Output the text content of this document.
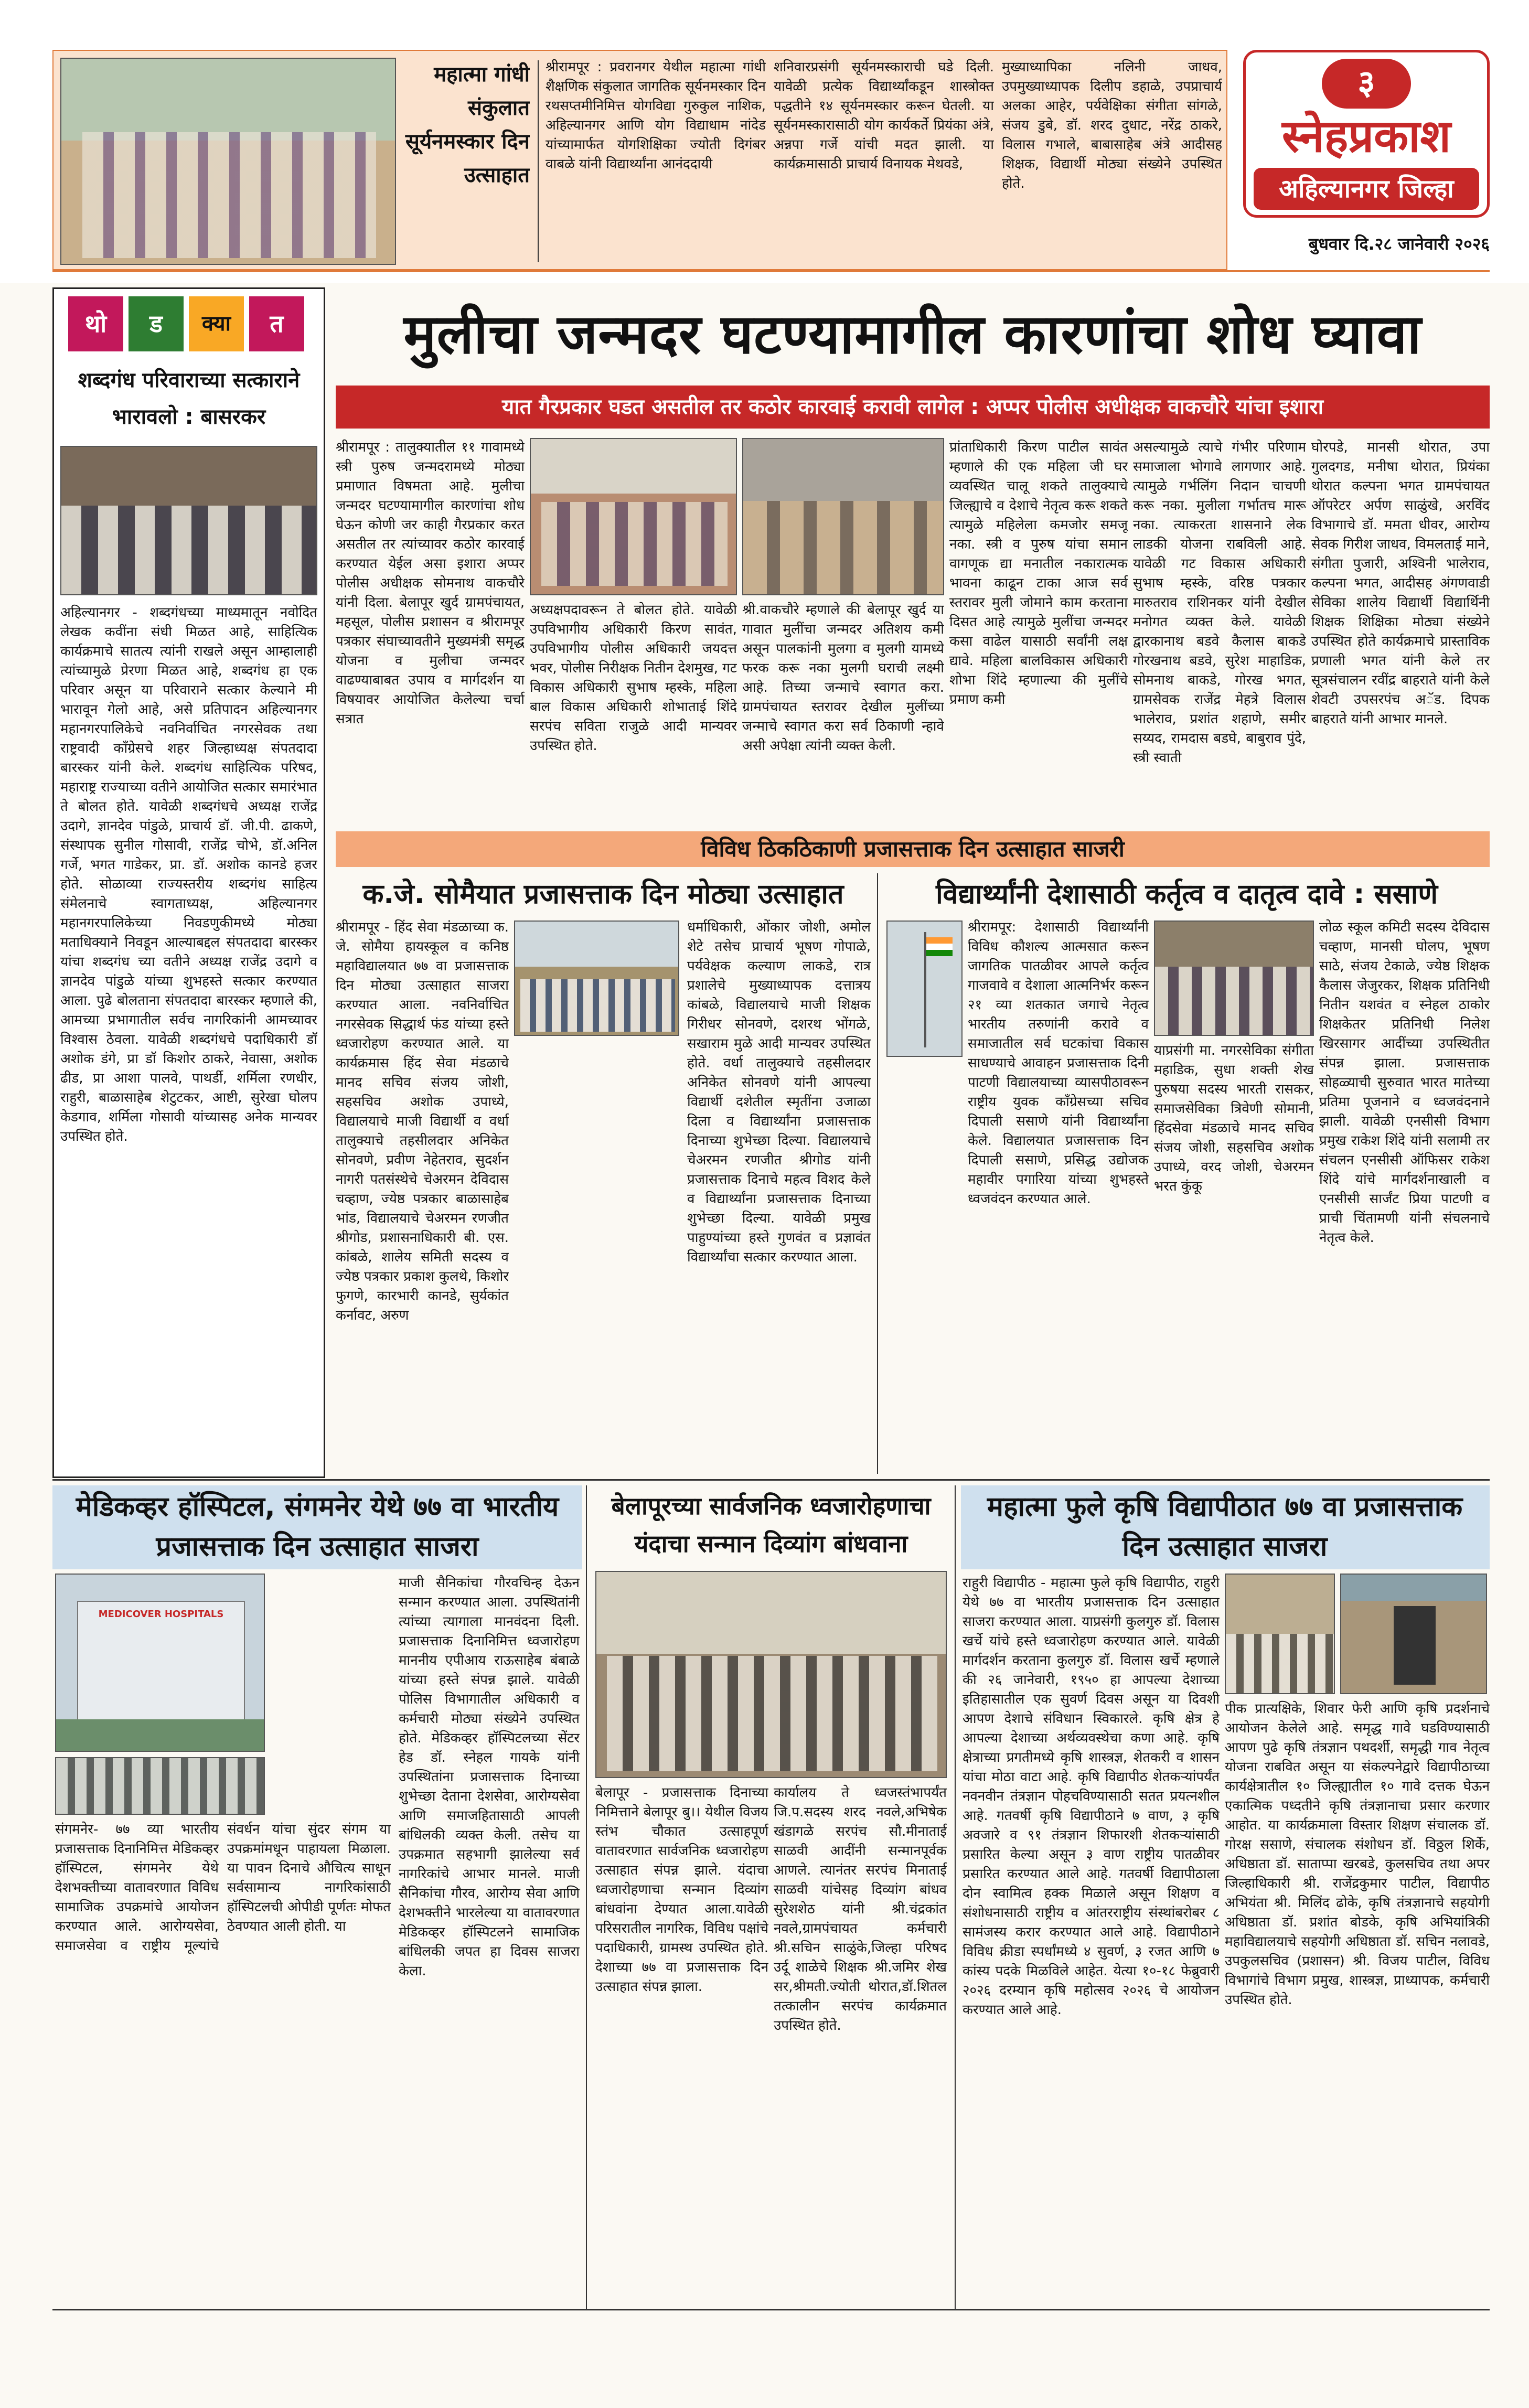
महात्मा गांधी संकुलात सूर्यनमस्कार दिन उत्साहात
श्रीरामपूर : प्रवरानगर येथील महात्मा गांधी शैक्षणिक संकुलात जागतिक सूर्यनमस्कार दिन रथसप्तमीनिमित्त योगविद्या गुरुकुल नाशिक, अहिल्यानगर आणि योग विद्याधाम नांदेड यांच्यामार्फत योगशिक्षिका ज्योती दिगंबर वाबळे यांनी विद्यार्थ्यांना आनंददायी
शनिवारप्रसंगी सूर्यनमस्काराची घडे दिली. यावेळी प्रत्येक विद्यार्थ्यांकडून शास्त्रोक्त पद्धतीने १४ सूर्यनमस्कार करून घेतली. या सूर्यनमस्कारासाठी योग कार्यकर्ते प्रियंका अंत्रे, अन्नपा गर्जे यांची मदत झाली. या कार्यक्रमासाठी प्राचार्य विनायक मेथवडे,
मुख्याध्यापिका नलिनी जाधव, उपमुख्याध्यापक दिलीप डहाळे, उपप्राचार्य अलका आहेर, पर्यवेक्षिका संगीता सांगळे, संजय डुबे, डॉ. शरद दुधाट, नरेंद्र ठाकरे, विलास गभाले, बाबासाहेब अंत्रे आदीसह शिक्षक, विद्यार्थी मोठ्या संख्येने उपस्थित होते.
३
स्नेहप्रकाश
अहिल्यानगर जिल्हा
बुधवार दि.२८ जानेवारी २०२६
थो	ड	क्या	त
शब्दगंध परिवाराच्या सत्काराने भारावलो : बासरकर
अहिल्यानगर - शब्दगंधच्या माध्यमातून नवोदित लेखक कवींना संधी मिळत आहे, साहित्यिक कार्यक्रमाचे सातत्य त्यांनी राखले असून आम्हालाही त्यांच्यामुळे प्रेरणा मिळत आहे, शब्दगंध हा एक परिवार असून या परिवाराने सत्कार केल्याने मी भारावून गेलो आहे, असे प्रतिपादन अहिल्यानगर महानगरपालिकेचे नवनिर्वाचित नगरसेवक तथा राष्ट्रवादी काँग्रेसचे शहर जिल्हाध्यक्ष संपतदादा बारस्कर यांनी केले. शब्दगंध साहित्यिक परिषद, महाराष्ट्र राज्याच्या वतीने आयोजित सत्कार समारंभात ते बोलत होते. यावेळी शब्दगंधचे अध्यक्ष राजेंद्र उदागे, ज्ञानदेव पांडुळे, प्राचार्य डॉ. जी.पी. ढाकणे, संस्थापक सुनील गोसावी, राजेंद्र चोभे, डॉ.अनिल गर्जे, भगत गाडेकर, प्रा. डॉ. अशोक कानडे हजर होते. सोळाव्या राज्यस्तरीय शब्दगंध साहित्य संमेलनाचे स्वागताध्यक्ष, अहिल्यानगर महानगरपालिकेच्या निवडणुकीमध्ये मोठ्या मताधिक्याने निवडून आल्याबद्दल संपतदादा बारस्कर यांचा शब्दगंध च्या वतीने अध्यक्ष राजेंद्र उदागे व ज्ञानदेव पांडुळे यांच्या शुभहस्ते सत्कार करण्यात आला. पुढे बोलताना संपतदादा बारस्कर म्हणाले की, आमच्या प्रभागातील सर्वच नागरिकांनी आमच्यावर विश्वास ठेवला. यावेळी शब्दगंधचे पदाधिकारी डॉ अशोक डंगे, प्रा डॉ किशोर ठाकरे, नेवासा, अशोक ढीड, प्रा आशा पालवे, पाथर्डी, शर्मिला रणधीर, राहुरी, बाळासाहेब शेटुटकर, आष्टी, सुरेखा घोलप केडगाव, शर्मिला गोसावी यांच्यासह अनेक मान्यवर उपस्थित होते.
मुलीचा जन्मदर घटण्यामागील कारणांचा शोध घ्यावा
यात गैरप्रकार घडत असतील तर कठोर कारवाई करावी लागेल : अप्पर पोलीस अधीक्षक वाकचौरे यांचा इशारा
श्रीरामपूर : तालुक्यातील ११ गावामध्ये स्त्री पुरुष जन्मदरामध्ये मोठ्या प्रमाणात विषमता आहे. मुलीचा जन्मदर घटण्यामागील कारणांचा शोध घेऊन कोणी जर काही गैरप्रकार करत असतील तर त्यांच्यावर कठोर कारवाई करण्यात येईल असा इशारा अप्पर पोलीस अधीक्षक सोमनाथ वाकचौरे यांनी दिला. बेलापूर खुर्द ग्रामपंचायत, महसूल, पोलीस प्रशासन व श्रीरामपूर पत्रकार संघाच्यावतीने मुख्यमंत्री समृद्ध योजना व मुलीचा जन्मदर वाढण्याबाबत उपाय व मार्गदर्शन या विषयावर आयोजित केलेल्या चर्चा सत्रात
अध्यक्षपदावरून ते बोलत होते. यावेळी उपविभागीय अधिकारी किरण सावंत, उपविभागीय पोलीस अधिकारी जयदत्त भवर, पोलीस निरीक्षक नितीन देशमुख, गट विकास अधिकारी सुभाष म्हस्के, महिला बाल विकास अधिकारी शोभाताई शिंदे सरपंच सविता राजुळे आदी मान्यवर उपस्थित होते.
श्री.वाकचौरे म्हणाले की बेलापूर खुर्द या गावात मुलींचा जन्मदर अतिशय कमी असून पालकांनी मुलगा व मुलगी यामध्ये फरक करू नका मुलगी घराची लक्ष्मी आहे. तिच्या जन्माचे स्वागत करा. ग्रामपंचायत स्तरावर देखील मुलींच्या जन्माचे स्वागत करा सर्व ठिकाणी न्हावे असी अपेक्षा त्यांनी व्यक्त केली.
प्रांताधिकारी किरण पाटील सावंत म्हणाले की एक महिला जी घर व्यवस्थित चालू शकते तालुक्याचे जिल्ह्याचे व देशाचे नेतृत्व करू शकते त्यामुळे महिलेला कमजोर समजू नका. स्त्री व पुरुष यांचा समान वागणूक द्या मनातील नकारात्मक भावना काढून टाका आज सर्व स्तरावर मुली जोमाने काम करताना दिसत आहे त्यामुळे मुलींचा जन्मदर कसा वाढेल यासाठी सर्वांनी लक्ष द्यावे. महिला बालविकास अधिकारी शोभा शिंदे म्हणाल्या की मुलींचे प्रमाण कमी
असल्यामुळे त्याचे गंभीर परिणाम समाजाला भोगावे लागणार आहे. त्यामुळे गर्भलिंग निदान चाचणी करू नका. मुलीला गर्भातच मारू नका. त्याकरता शासनाने लेक लाडकी योजना राबविली आहे. यावेळी गट विकास अधिकारी सुभाष म्हस्के, वरिष्ठ पत्रकार मारुतराव राशिनकर यांनी देखील मनोगत व्यक्त केले. यावेळी द्वारकानाथ बडवे कैलास बाकडे गोरखनाथ बडवे, सुरेश माहाडिक, सोमनाथ बाकडे, गोरख भगत, ग्रामसेवक राजेंद्र मेहत्रे विलास भालेराव, प्रशांत शहाणे, समीर सय्यद, रामदास बडघे, बाबुराव पुंदे, स्त्री स्वाती
घोरपडे, मानसी थोरात, उपा गुलदगड, मनीषा थोरात, प्रियंका थोरात कल्पना भगत ग्रामपंचायत ऑपरेटर अर्पण साळुंखे, अरविंद विभागाचे डॉ. ममता धीवर, आरोग्य सेवक गिरीश जाधव, विमलताई माने, संगीता पुजारी, अश्विनी भालेराव, कल्पना भगत, आदीसह अंगणवाडी सेविका शालेय विद्यार्थी विद्यार्थिनी शिक्षक शिक्षिका मोठ्या संख्येने उपस्थित होते कार्यक्रमाचे प्रास्ताविक प्रणाली भगत यांनी केले तर सूत्रसंचालन रवींद्र बाहराते यांनी केले शेवटी उपसरपंच अॅड. दिपक बाहराते यांनी आभार मानले.
विविध ठिकठिकाणी प्रजासत्ताक दिन उत्साहात साजरी
क.जे. सोमैयात प्रजासत्ताक दिन मोठ्या उत्साहात
श्रीरामपूर - हिंद सेवा मंडळाच्या क. जे. सोमैया हायस्कूल व कनिष्ठ महाविद्यालयात ७७ वा प्रजासत्ताक दिन मोठ्या उत्साहात साजरा करण्यात आला. नवनिर्वाचित नगरसेवक सिद्धार्थ फंड यांच्या हस्ते ध्वजारोहण करण्यात आले. या कार्यक्रमास हिंद सेवा मंडळाचे मानद सचिव संजय जोशी, सहसचिव अशोक उपाध्ये, विद्यालयाचे माजी विद्यार्थी व वर्धा तालुक्याचे तहसीलदार अनिकेत सोनवणे, प्रवीण नेहेतराव, सुदर्शन नागरी पतसंस्थेचे चेअरमन देविदास चव्हाण, ज्येष्ठ पत्रकार बाळासाहेब भांड, विद्यालयाचे चेअरमन रणजीत श्रीगोड, प्रशासनाधिकारी बी. एस. कांबळे, शालेय समिती सदस्य व ज्येष्ठ पत्रकार प्रकाश कुलथे, किशोर फुगणे, कारभारी कानडे, सुर्यकांत कर्नावट, अरुण
धर्माधिकारी, ओंकार जोशी, अमोल शेटे तसेच प्राचार्य भूषण गोपाळे, पर्यवेक्षक कल्याण लाकडे, रात्र प्रशालेचे मुख्याध्यापक दत्तात्रय कांबळे, विद्यालयाचे माजी शिक्षक गिरीधर सोनवणे, दशरथ भोंगळे, सखाराम मुळे आदी मान्यवर उपस्थित होते. वर्धा तालुक्याचे तहसीलदार अनिकेत सोनवणे यांनी आपल्या विद्यार्थी दशेतील स्मृतींना उजाळा दिला व विद्यार्थ्यांना प्रजासत्ताक दिनाच्या शुभेच्छा दिल्या. विद्यालयाचे चेअरमन रणजीत श्रीगोड यांनी प्रजासत्ताक दिनाचे महत्व विशद केले व विद्यार्थ्यांना प्रजासत्ताक दिनाच्या शुभेच्छा दिल्या. यावेळी प्रमुख पाहुण्यांच्या हस्ते गुणवंत व प्रज्ञावंत विद्यार्थ्यांचा सत्कार करण्यात आला.
विद्यार्थ्यांनी देशासाठी कर्तृत्व व दातृत्व दावे : ससाणे
श्रीरामपूर: देशासाठी विद्यार्थ्यांनी विविध कौशल्य आत्मसात करून जागतिक पातळीवर आपले कर्तृत्व गाजवावे व देशाला आत्मनिर्भर करून २१ व्या शतकात जगाचे नेतृत्व भारतीय तरुणांनी करावे व समाजातील सर्व घटकांचा विकास साधण्याचे आवाहन प्रजासत्ताक दिनी पाटणी विद्यालयाच्या व्यासपीठावरून राष्ट्रीय युवक कॉंग्रेसच्या सचिव दिपाली ससाणे यांनी विद्यार्थ्यांना केले. विद्यालयात प्रजासत्ताक दिन दिपाली ससाणे, प्रसिद्ध उद्योजक महावीर पगारिया यांच्या शुभहस्ते ध्वजवंदन करण्यात आले.
याप्रसंगी मा. नगरसेविका संगीता महाडिक, सुधा शक्ती शेख पुरुषया सदस्य भारती रासकर, समाजसेविका त्रिवेणी सोमानी, हिंदसेवा मंडळाचे मानद सचिव संजय जोशी, सहसचिव अशोक उपाध्ये, वरद जोशी, चेअरमन भरत कुंकू
लोळ स्कूल कमिटी सदस्य देविदास चव्हाण, मानसी घोलप, भूषण साठे, संजय टेकाळे, ज्येष्ठ शिक्षक कैलास जेजुरकर, शिक्षक प्रतिनिधी नितीन यशवंत व स्नेहल ठाकोर शिक्षकेतर प्रतिनिधी निलेश खिरसागर आदींच्या उपस्थितीत संपन्न झाला. प्रजासत्ताक सोहळ्याची सुरुवात भारत मातेच्या प्रतिमा पूजनाने व ध्वजवंदनाने झाली. यावेळी एनसीसी विभाग प्रमुख राकेश शिंदे यांनी सलामी तर संचलन एनसीसी ऑफिसर राकेश शिंदे यांचे मार्गदर्शनाखाली व एनसीसी सार्जंट प्रिया पाटणी व प्राची चिंतामणी यांनी संचलनाचे नेतृत्व केले.
मेडिकव्हर हॉस्पिटल, संगमनेर येथे ७७ वा भारतीय प्रजासत्ताक दिन उत्साहात साजरा
MEDICOVER HOSPITALS
संगमनेर- ७७ व्या भारतीय प्रजासत्ताक दिनानिमित्त मेडिकव्हर हॉस्पिटल, संगमनेर येथे देशभक्तीच्या वातावरणात विविध सामाजिक उपक्रमांचे आयोजन करण्यात आले. आरोग्यसेवा, समाजसेवा व राष्ट्रीय मूल्यांचे संवर्धन यांचा सुंदर संगम या उपक्रमांमधून पाहायला मिळाला. या पावन दिनाचे औचित्य साधून सर्वसामान्य नागरिकांसाठी हॉस्पिटलची ओपीडी पूर्णतः मोफत ठेवण्यात आली होती. या
माजी सैनिकांचा गौरवचिन्ह देऊन सन्मान करण्यात आला. उपस्थितांनी त्यांच्या त्यागाला मानवंदना दिली. प्रजासत्ताक दिनानिमित्त ध्वजारोहण माननीय एपीआय राऊसाहेब बंबाळे यांच्या हस्ते संपन्न झाले. यावेळी पोलिस विभागातील अधिकारी व कर्मचारी मोठ्या संख्येने उपस्थित होते. मेडिकव्हर हॉस्पिटलच्या सेंटर हेड डॉ. स्नेहल गायके यांनी उपस्थितांना प्रजासत्ताक दिनाच्या शुभेच्छा देताना देशसेवा, आरोग्यसेवा आणि समाजहितासाठी आपली बांधिलकी व्यक्त केली. तसेच या उपक्रमात सहभागी झालेल्या सर्व नागरिकांचे आभार मानले. माजी सैनिकांचा गौरव, आरोग्य सेवा आणि देशभक्तीने भारलेल्या या वातावरणात मेडिकव्हर हॉस्पिटलने सामाजिक बांधिलकी जपत हा दिवस साजरा केला.
बेलापूरच्या सार्वजनिक ध्वजारोहणाचा यंदाचा सन्मान दिव्यांग बांधवाना
बेलापूर - प्रजासत्ताक दिनाच्या निमित्ताने बेलापूर बु।। येथील विजय स्तंभ चौकात उत्साहपूर्ण वातावरणात सार्वजनिक ध्वजारोहण उत्साहात संपन्न झाले. यंदाचा ध्वजारोहणाचा सन्मान दिव्यांग बांधवांना देण्यात आला.यावेळी परिसरातील नागरिक, विविध पक्षांचे पदाधिकारी, ग्रामस्थ उपस्थित होते. देशाच्या ७७ वा प्रजासत्ताक दिन उत्साहात संपन्न झाला.
कार्यालय ते ध्वजस्तंभापर्यंत जि.प.सदस्य शरद नवले,अभिषेक खंडागळे सरपंच सौ.मीनाताई साळवी आदींनी सन्मानपूर्वक आणले. त्यानंतर सरपंच मिनाताई साळवी यांचेसह दिव्यांग बांधव सुरेशशेठ यांनी श्री.चंद्रकांत नवले,ग्रामपंचायत कर्मचारी श्री.सचिन साळुंके,जिल्हा परिषद उर्दू शाळेचे शिक्षक श्री.जमिर शेख सर,श्रीमती.ज्योती थोरात,डॉ.शितल तत्कालीन सरपंच कार्यक्रमात उपस्थित होते.
महात्मा फुले कृषि विद्यापीठात ७७ वा प्रजासत्ताक दिन उत्साहात साजरा
राहुरी विद्यापीठ - महात्मा फुले कृषि विद्यापीठ, राहुरी येथे ७७ वा भारतीय प्रजासत्ताक दिन उत्साहात साजरा करण्यात आला. याप्रसंगी कुलगुरु डॉ. विलास खर्चे यांचे हस्ते ध्वजारोहण करण्यात आले. यावेळी मार्गदर्शन करताना कुलगुरु डॉ. विलास खर्चे म्हणाले की २६ जानेवारी, १९५० हा आपल्या देशाच्या इतिहासातील एक सुवर्ण दिवस असून या दिवशी आपण देशाचे संविधान स्विकारले. कृषि क्षेत्र हे आपल्या देशाच्या अर्थव्यवस्थेचा कणा आहे. कृषि क्षेत्राच्या प्रगतीमध्ये कृषि शास्त्रज्ञ, शेतकरी व शासन यांचा मोठा वाटा आहे. कृषि विद्यापीठ शेतकऱ्यांपर्यंत नवनवीन तंत्रज्ञान पोहचविण्यासाठी सतत प्रयत्नशील आहे. गतवर्षी कृषि विद्यापीठाने ७ वाण, ३ कृषि अवजारे व ९१ तंत्रज्ञान शिफारशी शेतकऱ्यांसाठी प्रसारित केल्या असून ३ वाण राष्ट्रीय पातळीवर प्रसारित करण्यात आले आहे. गतवर्षी विद्यापीठाला दोन स्वामित्व हक्क मिळाले असून शिक्षण व संशोधनासाठी राष्ट्रीय व आंतरराष्ट्रीय संस्थांबरोबर ८ सामंजस्य करार करण्यात आले आहे. विद्यापीठाने विविध क्रीडा स्पर्धांमध्ये ४ सुवर्ण, ३ रजत आणि ७ कांस्य पदके मिळविले आहेत. येत्या १०-१८ फेब्रुवारी २०२६ दरम्यान कृषि महोत्सव २०२६ चे आयोजन करण्यात आले आहे.
पीक प्रात्यक्षिके, शिवार फेरी आणि कृषि प्रदर्शनाचे आयोजन केलेले आहे. समृद्ध गावे घडविण्यासाठी आपण पुढे कृषि तंत्रज्ञान पथदर्शी, समृद्धी गाव नेतृत्व योजना राबवित असून या संकल्पनेद्वारे विद्यापीठाच्या कार्यक्षेत्रातील १० जिल्ह्यातील १० गावे दत्तक घेऊन एकात्मिक पध्दतीने कृषि तंत्रज्ञानाचा प्रसार करणार आहोत. या कार्यक्रमाला विस्तार शिक्षण संचालक डॉ. गोरक्ष ससाणे, संचालक संशोधन डॉ. विठ्ठल शिर्के, अधिष्ठाता डॉ. साताप्पा खरबडे, कुलसचिव तथा अपर जिल्हाधिकारी श्री. राजेंद्रकुमार पाटील, विद्यापीठ अभियंता श्री. मिलिंद ढोके, कृषि तंत्रज्ञानाचे सहयोगी अधिष्ठाता डॉ. प्रशांत बोडके, कृषि अभियांत्रिकी महाविद्यालयाचे सहयोगी अधिष्ठाता डॉ. सचिन नलावडे, उपकुलसचिव (प्रशासन) श्री. विजय पाटील, विविध विभागांचे विभाग प्रमुख, शास्त्रज्ञ, प्राध्यापक, कर्मचारी उपस्थित होते.
